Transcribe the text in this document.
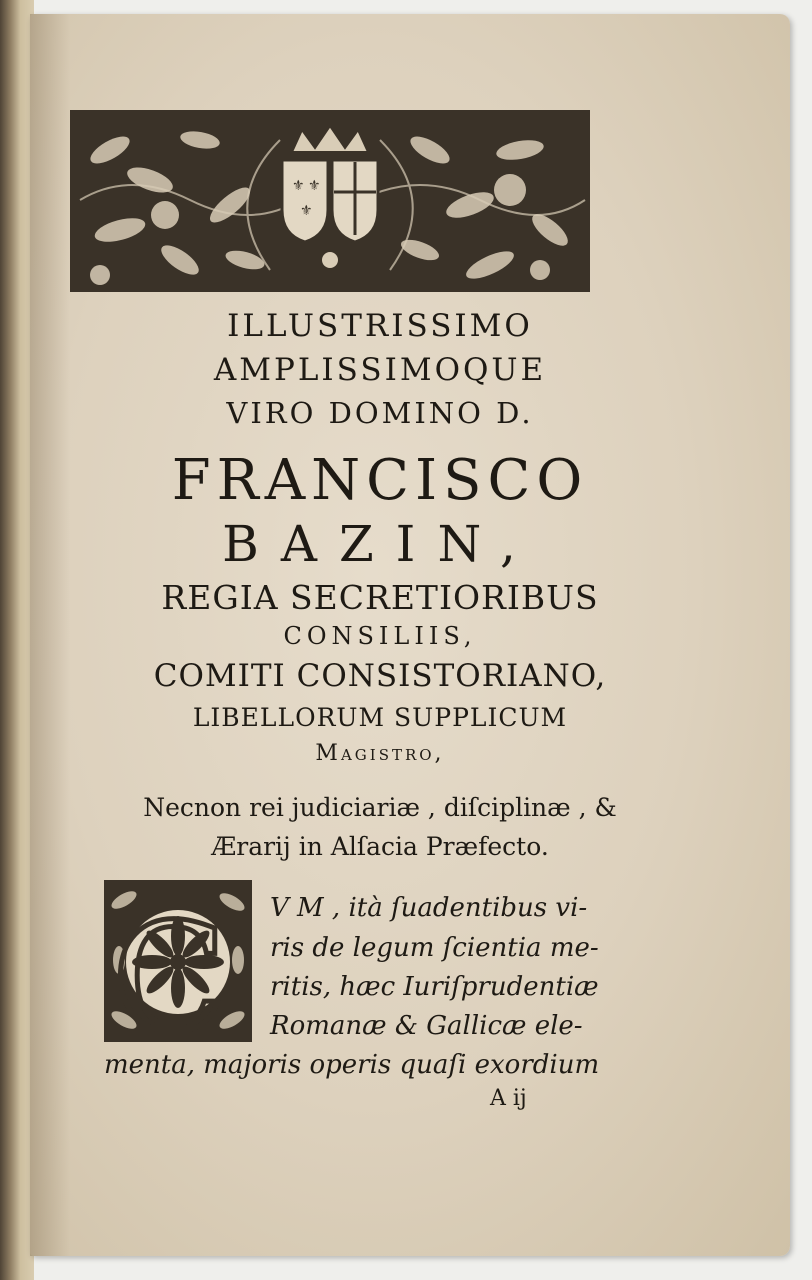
⚜ ⚜
⚜
ILLUSTRISSIMO
AMPLISSIMOQUE
VIRO DOMINO D.
FRANCISCO
BAZIN,
REGIA SECRETIORIBUS
CONSILIIS,
COMITI CONSISTORIANO,
LIBELLORUM SUPPLICUM
Magistro,
Necnon rei judiciariæ , diſciplinæ , &
Ærarij in Alſacia Præfecto.
C V M , ità ſuadentibus vi-
ris de legum ſcientia me-
ritis, hæc Iuriſprudentiæ
Romanæ & Gallicæ ele-
menta, majoris operis quaſi exordium
A ij
